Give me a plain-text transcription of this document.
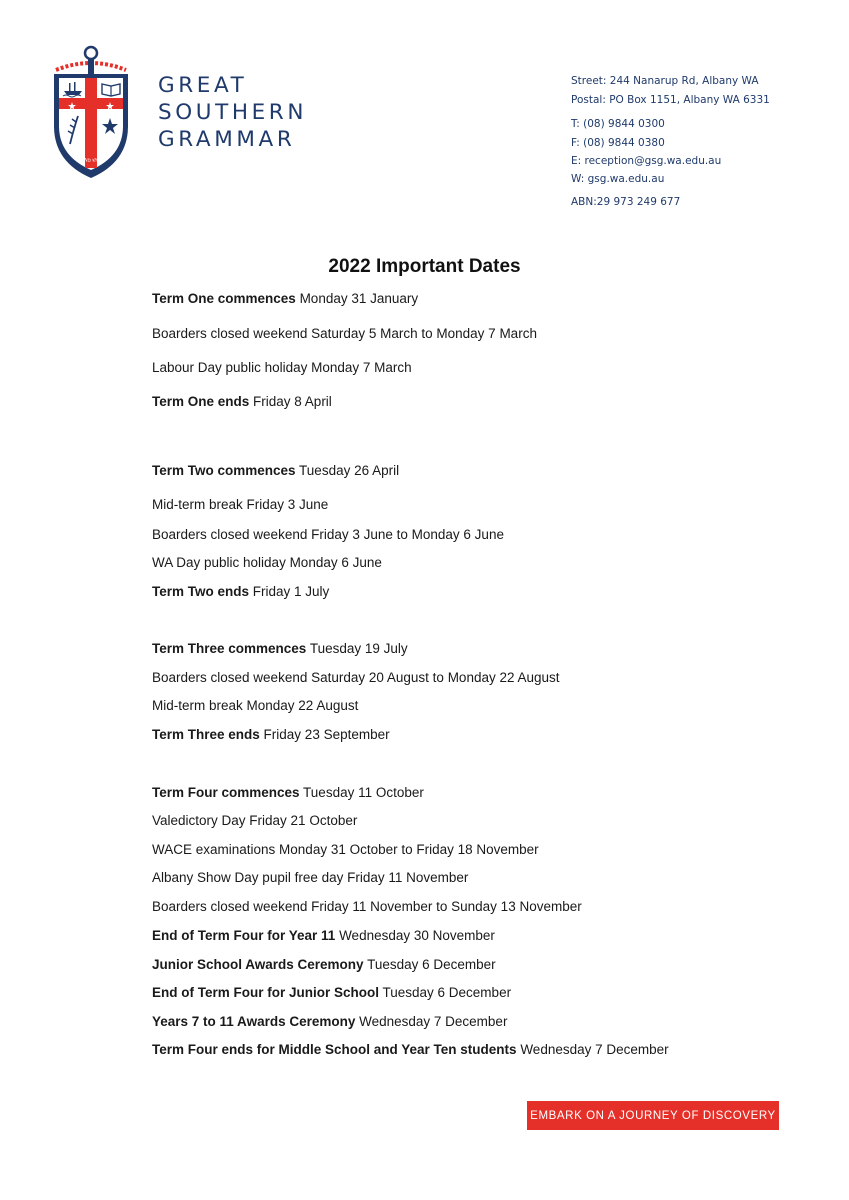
WISDOM AND KNOWLEDGE
GREAT
SOUTHERN
GRAMMAR
Street: 244 Nanarup Rd, Albany WA
Postal: PO Box 1151, Albany WA 6331
T: (08) 9844 0300
F: (08) 9844 0380
E: reception@gsg.wa.edu.au
W: gsg.wa.edu.au
ABN:29 973 249 677
2022 Important Dates
Term One commences Monday 31 January
Boarders closed weekend Saturday 5 March to Monday 7 March
Labour Day public holiday Monday 7 March
Term One ends Friday 8 April
Term Two commences Tuesday 26 April
Mid-term break Friday 3 June
Boarders closed weekend Friday 3 June to Monday 6 June
WA Day public holiday Monday 6 June
Term Two ends Friday 1 July
Term Three commences Tuesday 19 July
Boarders closed weekend Saturday 20 August to Monday 22 August
Mid-term break Monday 22 August
Term Three ends Friday 23 September
Term Four commences Tuesday 11 October
Valedictory Day Friday 21 October
WACE examinations Monday 31 October to Friday 18 November
Albany Show Day pupil free day Friday 11 November
Boarders closed weekend Friday 11 November to Sunday 13 November
End of Term Four for Year 11 Wednesday 30 November
Junior School Awards Ceremony Tuesday 6 December
End of Term Four for Junior School Tuesday 6 December
Years 7 to 11 Awards Ceremony Wednesday 7 December
Term Four ends for Middle School and Year Ten students Wednesday 7 December
EMBARK ON A JOURNEY OF DISCOVERY
